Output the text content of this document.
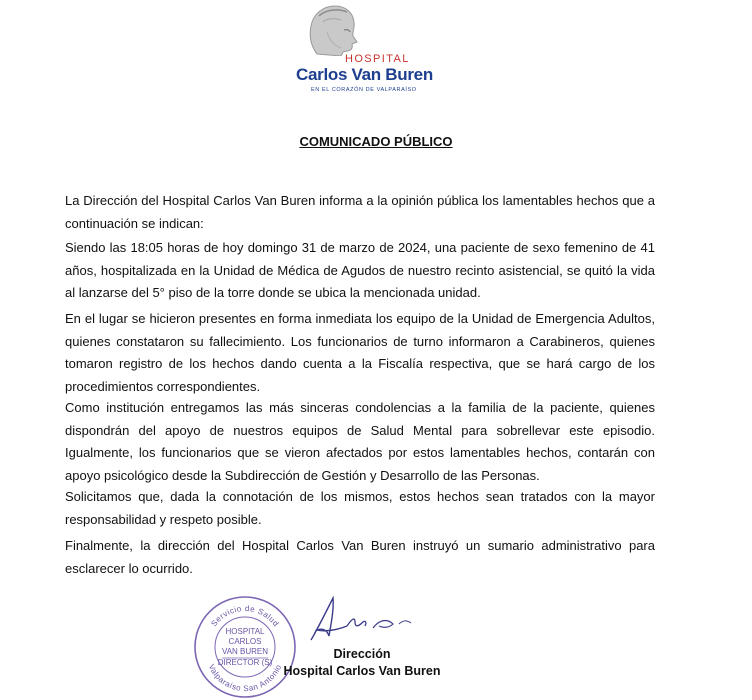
HOSPITAL
Carlos Van Buren
EN EL CORAZÓN DE VALPARAÍSO
COMUNICADO PÚBLICO

La Dirección del Hospital Carlos Van Buren informa a la opinión pública los lamentables hechos que a continuación se indican:

Siendo las 18:05 horas de hoy domingo 31 de marzo de 2024, una paciente de sexo femenino de 41 años, hospitalizada en la Unidad de Médica de Agudos de nuestro recinto asistencial, se quitó la vida al lanzarse del 5° piso de la torre donde se ubica la mencionada unidad.

En el lugar se hicieron presentes en forma inmediata los equipo de la Unidad de Emergencia Adultos, quienes constataron su fallecimiento. Los funcionarios de turno informaron a Carabineros, quienes tomaron registro de los hechos dando cuenta a la Fiscalía respectiva, que se hará cargo de los procedimientos correspondientes.

Como institución entregamos las más sinceras condolencias a la familia de la paciente, quienes dispondrán del apoyo de nuestros equipos de Salud Mental para sobrellevar este episodio. Igualmente, los funcionarios que se vieron afectados por estos lamentables hechos, contarán con apoyo psicológico desde la Subdirección de Gestión y Desarrollo de las Personas.

Solicitamos que, dada la connotación de los mismos, estos hechos sean tratados con la mayor responsabilidad y respeto posible.

Finalmente, la dirección del Hospital Carlos Van Buren instruyó un sumario administrativo para esclarecer lo ocurrido.

Servicio de Salud
Valparaíso San Antonio
HOSPITAL
CARLOS
VAN BUREN
DIRECTOR (S)
Dirección
Hospital Carlos Van Buren
